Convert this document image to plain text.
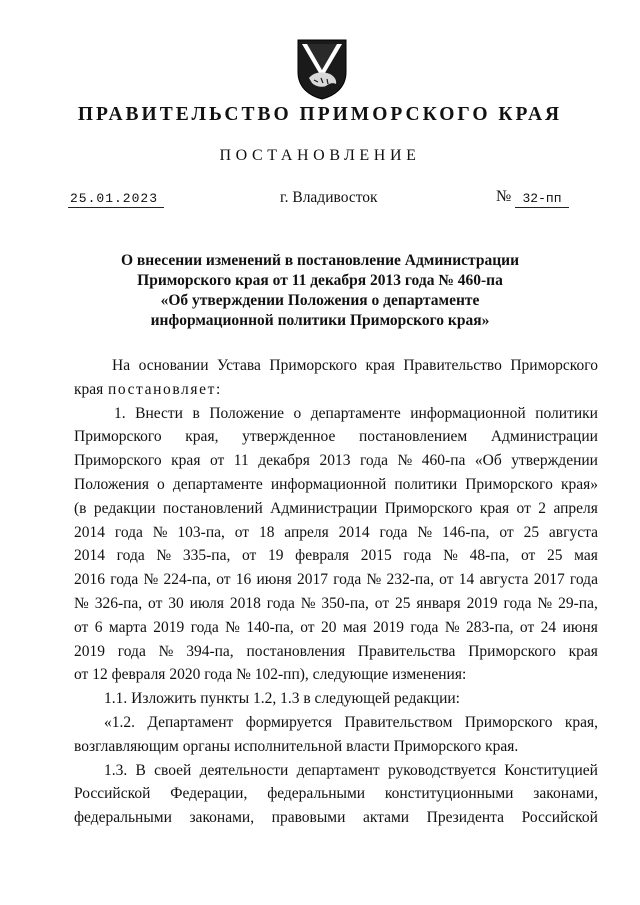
ПРАВИТЕЛЬСТВО ПРИМОРСКОГО КРАЯ
ПОСТАНОВЛЕНИЕ
25.01.2023	г. Владивосток	№ 32-пп
О внесении изменений в постановление Администрации
Приморского края от 11 декабря 2013 года № 460-па
«Об утверждении Положения о департаменте
информационной политики Приморского края»
На основании Устава Приморского края Правительство Приморского
края постановляет:
1. Внести в Положение о департаменте информационной политики
Приморского края, утвержденное постановлением Администрации
Приморского края от 11 декабря 2013 года № 460-па «Об утверждении
Положения о департаменте информационной политики Приморского края»
(в редакции постановлений Администрации Приморского края от 2 апреля
2014 года № 103-па, от 18 апреля 2014 года № 146-па, от 25 августа
2014 года № 335-па, от 19 февраля 2015 года № 48-па, от 25 мая
2016 года № 224-па, от 16 июня 2017 года № 232-па, от 14 августа 2017 года
№ 326-па, от 30 июля 2018 года № 350-па, от 25 января 2019 года № 29-па,
от 6 марта 2019 года № 140-па, от 20 мая 2019 года № 283-па, от 24 июня
2019 года № 394-па, постановления Правительства Приморского края
от 12 февраля 2020 года № 102-пп), следующие изменения:
1.1. Изложить пункты 1.2, 1.3 в следующей редакции:
«1.2. Департамент формируется Правительством Приморского края,
возглавляющим органы исполнительной власти Приморского края.
1.3. В своей деятельности департамент руководствуется Конституцией
Российской Федерации, федеральными конституционными законами,
федеральными законами, правовыми актами Президента Российской
